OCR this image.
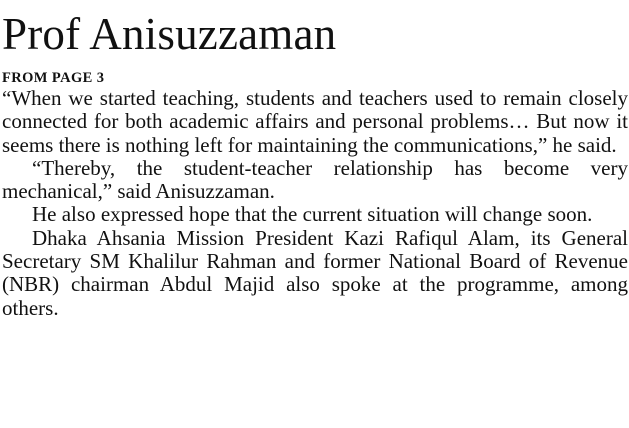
Prof Anisuzzaman
FROM PAGE 3

“When we started teaching, students and teachers used to remain closely connected for both academic affairs and personal problems… But now it seems there is nothing left for maintaining the communications,” he said.

“Thereby, the student-teacher relationship has become very mechanical,” said Anisuzzaman.

He also expressed hope that the current situation will change soon.

Dhaka Ahsania Mission President Kazi Rafiqul Alam, its General Secretary SM Khalilur Rahman and former National Board of Revenue (NBR) chairman Abdul Majid also spoke at the programme, among others.
